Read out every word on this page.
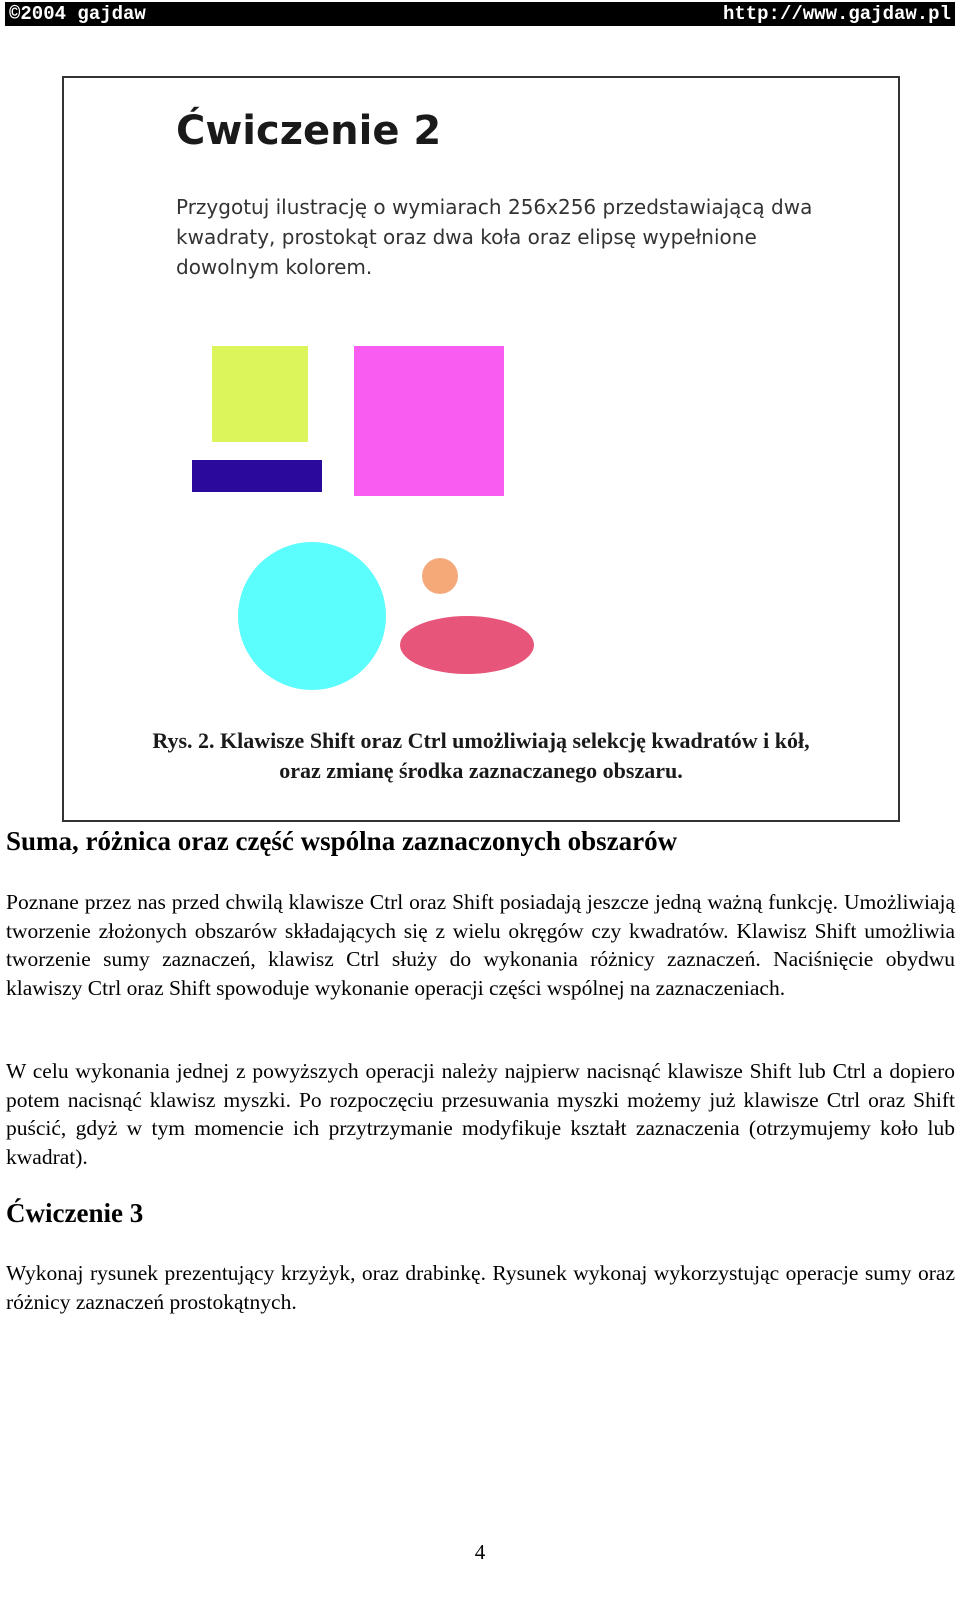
©2004 gajdaw	http://www.gajdaw.pl
Ćwiczenie 2

Przygotuj ilustrację o wymiarach 256x256 przedstawiającą dwa kwadraty, prostokąt oraz dwa koła oraz elipsę wypełnione dowolnym kolorem.

Rys. 2. Klawisze Shift oraz Ctrl umożliwiają selekcję kwadratów i kół,
oraz zmianę środka zaznaczanego obszaru.

Suma, różnica oraz część wspólna zaznaczonych obszarów

Poznane przez nas przed chwilą klawisze Ctrl oraz Shift posiadają jeszcze jedną ważną funkcję. Umożliwiają tworzenie złożonych obszarów składających się z wielu okręgów czy kwadratów. Klawisz Shift umożliwia tworzenie sumy zaznaczeń, klawisz Ctrl służy do wykonania różnicy zaznaczeń. Naciśnięcie obydwu klawiszy Ctrl oraz Shift spowoduje wykonanie operacji części wspólnej na zaznaczeniach.

W celu wykonania jednej z powyższych operacji należy najpierw nacisnąć klawisze Shift lub Ctrl a dopiero potem nacisnąć klawisz myszki. Po rozpoczęciu przesuwania myszki możemy już klawisze Ctrl oraz Shift puścić, gdyż w tym momencie ich przytrzymanie modyfikuje kształt zaznaczenia (otrzymujemy koło lub kwadrat).

Ćwiczenie 3

Wykonaj rysunek prezentujący krzyżyk, oraz drabinkę. Rysunek wykonaj wykorzystując operacje sumy oraz różnicy zaznaczeń prostokątnych.

4
